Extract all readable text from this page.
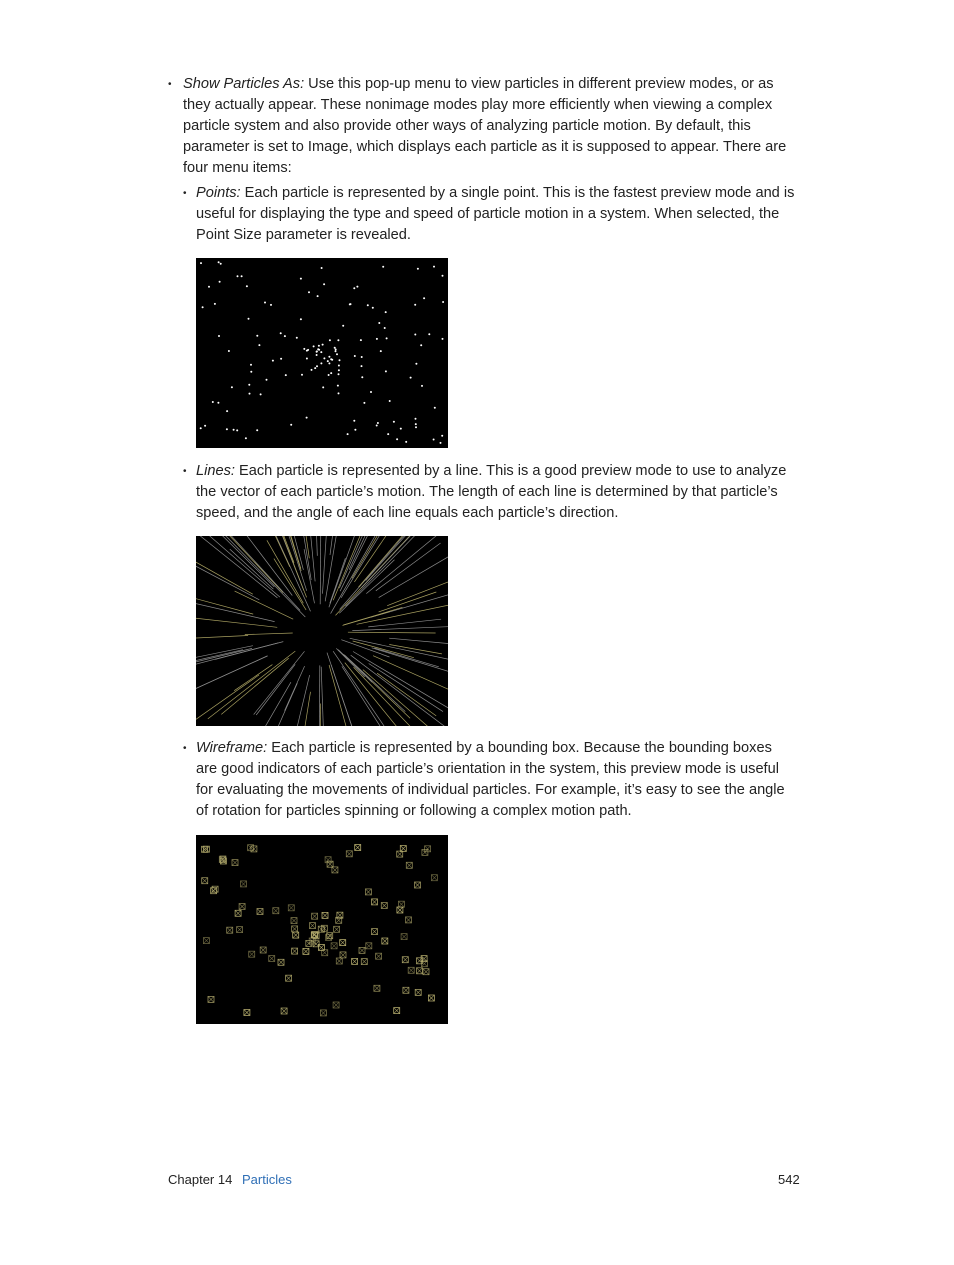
• Show Particles As: Use this pop-up menu to view particles in different preview modes, or as they actually appear. These nonimage modes play more efficiently when viewing a complex particle system and also provide other ways of analyzing particle motion. By default, this parameter is set to Image, which displays each particle as it is supposed to appear. There are four menu items:
• Points: Each particle is represented by a single point. This is the fastest preview mode and is useful for displaying the type and speed of particle motion in a system. When selected, the Point Size parameter is revealed.
• Lines: Each particle is represented by a line. This is a good preview mode to use to analyze the vector of each particle’s motion. The length of each line is determined by that particle’s speed, and the angle of each line equals each particle’s direction.
• Wireframe: Each particle is represented by a bounding box. Because the bounding boxes are good indicators of each particle’s orientation in the system, this preview mode is useful for evaluating the movements of individual particles. For example, it’s easy to see the angle of rotation for particles spinning or following a complex motion path.
Chapter 14 Particles	542
